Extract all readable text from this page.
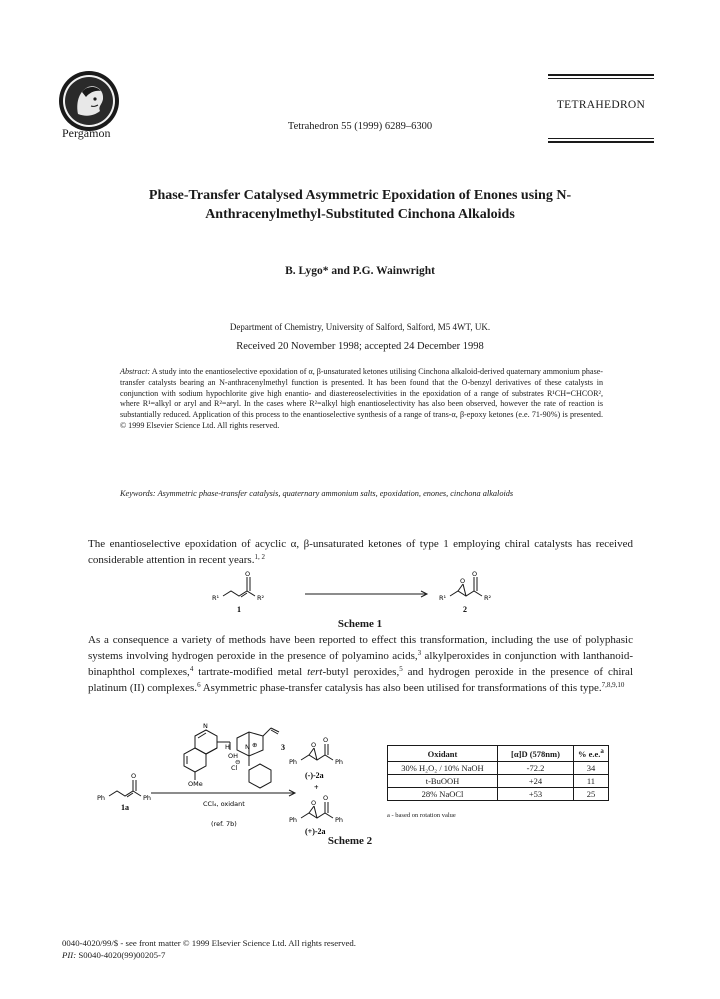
Pergamon	Tetrahedron 55 (1999) 6289–6300
TETRAHEDRON
Phase-Transfer Catalysed Asymmetric Epoxidation of Enones using N-Anthracenylmethyl-Substituted Cinchona Alkaloids
B. Lygo* and P.G. Wainwright
Department of Chemistry, University of Salford, Salford, M5 4WT, UK.
Received 20 November 1998; accepted 24 December 1998
Abstract: A study into the enantioselective epoxidation of α, β-unsaturated ketones utilising Cinchona alkaloid-derived quaternary ammonium phase-transfer catalysts bearing an N-anthracenylmethyl function is presented. It has been found that the O-benzyl derivatives of these catalysts in conjunction with sodium hypochlorite give high enantio- and diastereoselectivities in the epoxidation of a range of substrates R¹CH=CHCOR², where R¹=alkyl or aryl and R²=aryl. In the cases where R²=alkyl high enantioselectivity has also been observed, however the rate of reaction is substantially reduced. Application of this process to the enantioselective synthesis of a range of trans-α, β-epoxy ketones (e.e. 71-90%) is presented. © 1999 Elsevier Science Ltd. All rights reserved.
Keywords: Asymmetric phase-transfer catalysis, quaternary ammonium salts, epoxidation, enones, cinchona alkaloids
The enantioselective epoxidation of acyclic α, β-unsaturated ketones of type 1 employing chiral catalysts has received considerable attention in recent years.$^{1, 2}$
O
R¹	R²
1
O
O
R¹	R²
2
Scheme 1
As a consequence a variety of methods have been reported to effect this transformation, including the use of polyphasic systems involving hydrogen peroxide in the presence of polyamino acids,$^3$ alkylperoxides in conjunction with lanthanoid-binaphthol complexes,$^4$ tartrate-modified metal tert-butyl peroxides,$^5$ and hydrogen peroxide in the presence of chiral platinum (II) complexes.$^6$ Asymmetric phase-transfer catalysis has also been utilised for transformations of this type.$^{7,8,9,10}$
N
OH
H N ⊕
Cl
⊖
OMe
3
O
Ph	Ph
1a	CCl₄, oxidant
(ref. 7b)
O
O
Ph	Ph
(-)-2a
+
O
O
Ph	Ph
(+)-2a
Oxidant	[α]D (578nm)	% e.e.$^a$
30% H₂O₂ / 10% NaOH	-72.2	34
t-BuOOH	+24	11
28% NaOCl	+53	25
a - based on rotation value
Scheme 2
0040-4020/99/$ - see front matter © 1999 Elsevier Science Ltd. All rights reserved.
PII: S0040-4020(99)00205-7
